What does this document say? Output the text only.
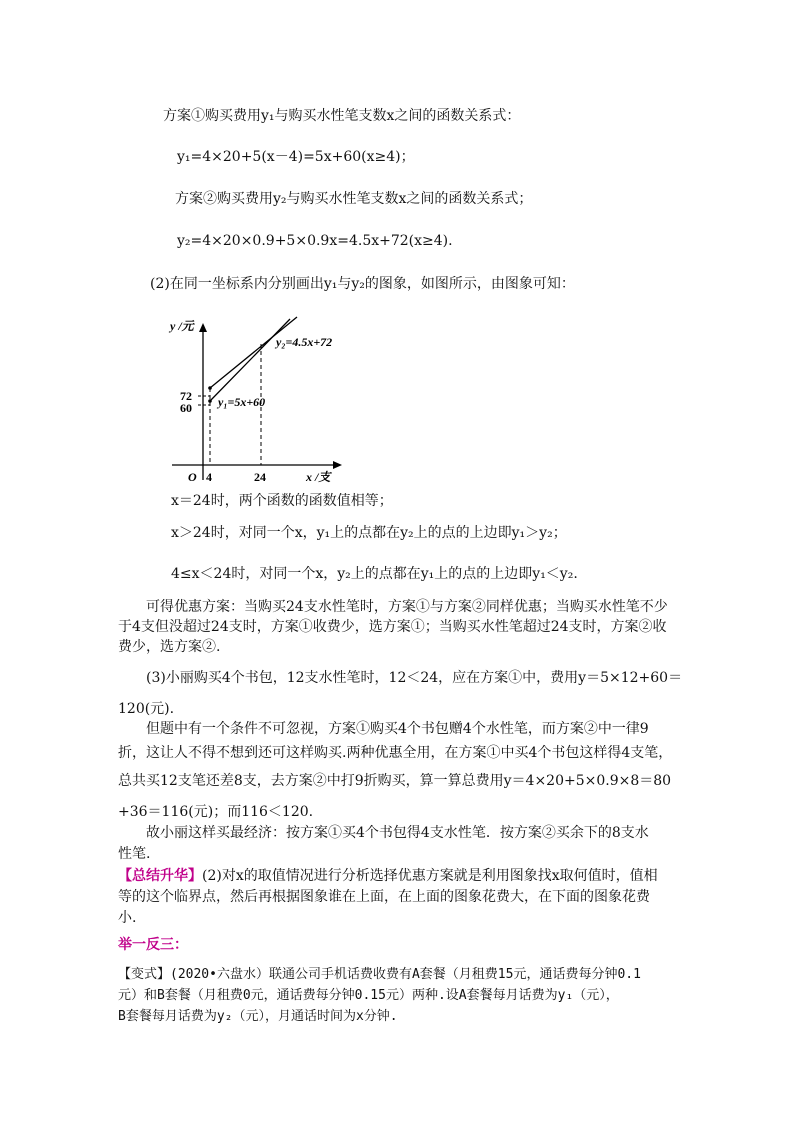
方案①购买费用y₁与购买水性笔支数x之间的函数关系式：
y₁=4×20+5(x－4)=5x+60(x≥4)；
方案②购买费用y₂与购买水性笔支数x之间的函数关系式；
y₂=4×20×0.9+5×0.9x=4.5x+72(x≥4).
(2)在同一坐标系内分别画出y₁与y₂的图象，如图所示，由图象可知：
y /元
x /支
O 4	24
72
60
y₂=4.5x+72
y₁=5x+60
x＝24时，两个函数的函数值相等；
x＞24时，对同一个x，y₁上的点都在y₂上的点的上边即y₁＞y₂；
4≤x＜24时，对同一个x，y₂上的点都在y₁上的点的上边即y₁＜y₂.
可得优惠方案：当购买24支水性笔时，方案①与方案②同样优惠；当购买水性笔不少
于4支但没超过24支时，方案①收费少，选方案①；当购买水性笔超过24支时，方案②收
费少，选方案②.
(3)小丽购买4个书包，12支水性笔时，12＜24，应在方案①中，费用y＝5×12+60＝
120(元).
但题中有一个条件不可忽视，方案①购买4个书包赠4个水性笔，而方案②中一律9
折，这让人不得不想到还可这样购买.两种优惠全用，在方案①中买4个书包这样得4支笔，
总共买12支笔还差8支，去方案②中打9折购买，算一算总费用y＝4×20+5×0.9×8＝80
+36＝116(元)；而116＜120.
故小丽这样买最经济：按方案①买4个书包得4支水性笔．按方案②买余下的8支水
性笔.
【总结升华】(2)对x的取值情况进行分析选择优惠方案就是利用图象找x取何值时，值相
等的这个临界点，然后再根据图象谁在上面，在上面的图象花费大，在下面的图象花费
小.
举一反三：
【变式】(2020•六盘水）联通公司手机话费收费有A套餐（月租费15元，通话费每分钟0.1
元）和B套餐（月租费0元，通话费每分钟0.15元）两种.设A套餐每月话费为y₁（元），
B套餐每月话费为y₂（元），月通话时间为x分钟.
